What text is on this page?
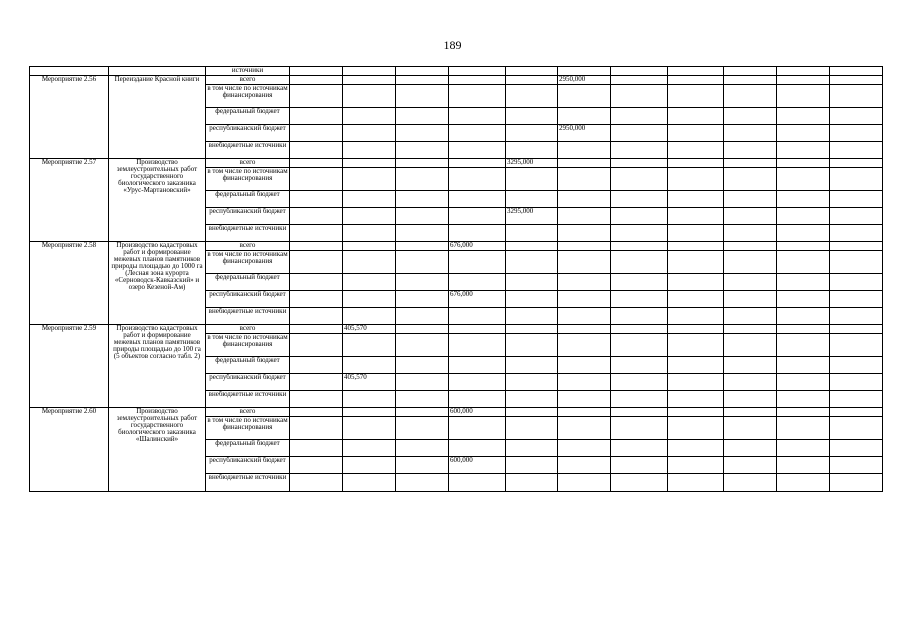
189
		источники											
Мероприятие 2.56	Переиздание Красной книги	всего						2950,000					
		в том числе по источникам финансирования											
		федеральный бюджет											
		республиканский бюджет						2950,000					
		внебюджетные источники											
Мероприятие 2.57	Производство землеустроительных работ государственного биологического заказника «Урус-Мартановский»	всего					3295,000						
		в том числе по источникам финансирования											
		федеральный бюджет											
		республиканский бюджет					3295,000						
		внебюджетные источники											
Мероприятие 2.58	Производство кадастровых работ и формирование межевых планов памятников природы площадью до 1000 га (Лесная зона курорта «Серноводск-Кавказский» и озеро Кезеной-Ам)	всего				676,000							
		в том числе по источникам финансирования											
		федеральный бюджет											
		республиканский бюджет				676,000							
		внебюджетные источники											
Мероприятие 2.59	Производство кадастровых работ и формирование межевых планов памятников природы площадью до 100 га (5 объектов согласно табл. 2)	всего		405,570									
		в том числе по источникам финансирования											
		федеральный бюджет											
		республиканский бюджет		405,570									
		внебюджетные источники											
Мероприятие 2.60	Производство землеустроительных работ государственного биологического заказника «Шалинский»	всего				600,000							
		в том числе по источникам финансирования											
		федеральный бюджет											
		республиканский бюджет				600,000							
		внебюджетные источники											
